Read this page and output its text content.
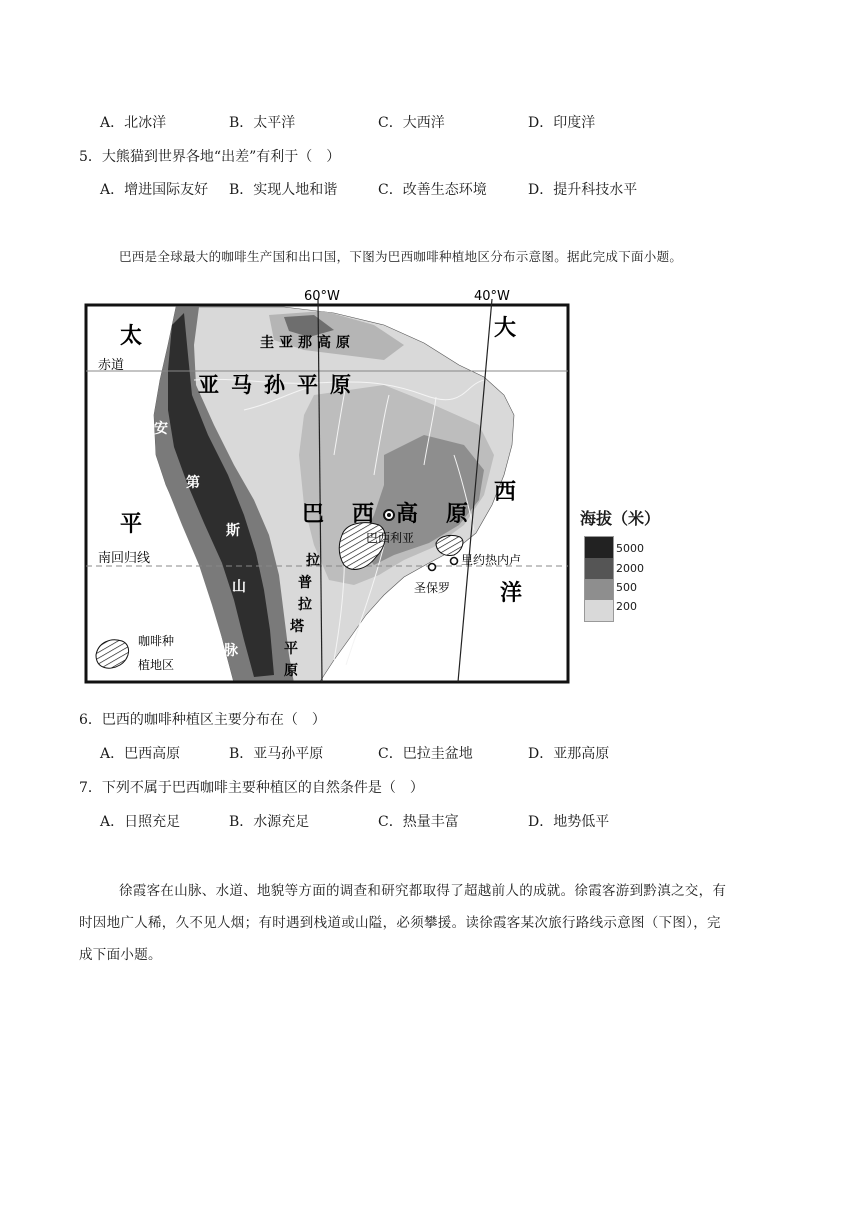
A．北冰洋	B．太平洋	C．大西洋	D．印度洋
5．大熊猫到世界各地“出差”有利于（　）
A．增进国际友好 B．实现人地和谐	C．改善生态环境	D．提升科技水平
巴西是全球最大的咖啡生产国和出口国，下图为巴西咖啡种植地区分布示意图。据此完成下面小题。
60°W	40°W
太
平
大
西
洋
赤道
南回归线
圭亚那高原
亚马孙平原
巴 西 高 原
安
第
斯
山
脉
拉
普
拉
塔
平
原
巴西利亚
里约热内卢
圣保罗
咖啡种
植地区
海拔（米）
5000
2000
500
200
6．巴西的咖啡种植区主要分布在（　）
A．巴西高原	B．亚马孙平原	C．巴拉圭盆地	D．亚那高原
7．下列不属于巴西咖啡主要种植区的自然条件是（　）
A．日照充足	B．水源充足	C．热量丰富	D．地势低平
徐霞客在山脉、水道、地貌等方面的调查和研究都取得了超越前人的成就。徐霞客游到黔滇之交，有
时因地广人稀，久不见人烟；有时遇到栈道或山隘，必须攀援。读徐霞客某次旅行路线示意图（下图），完
成下面小题。
